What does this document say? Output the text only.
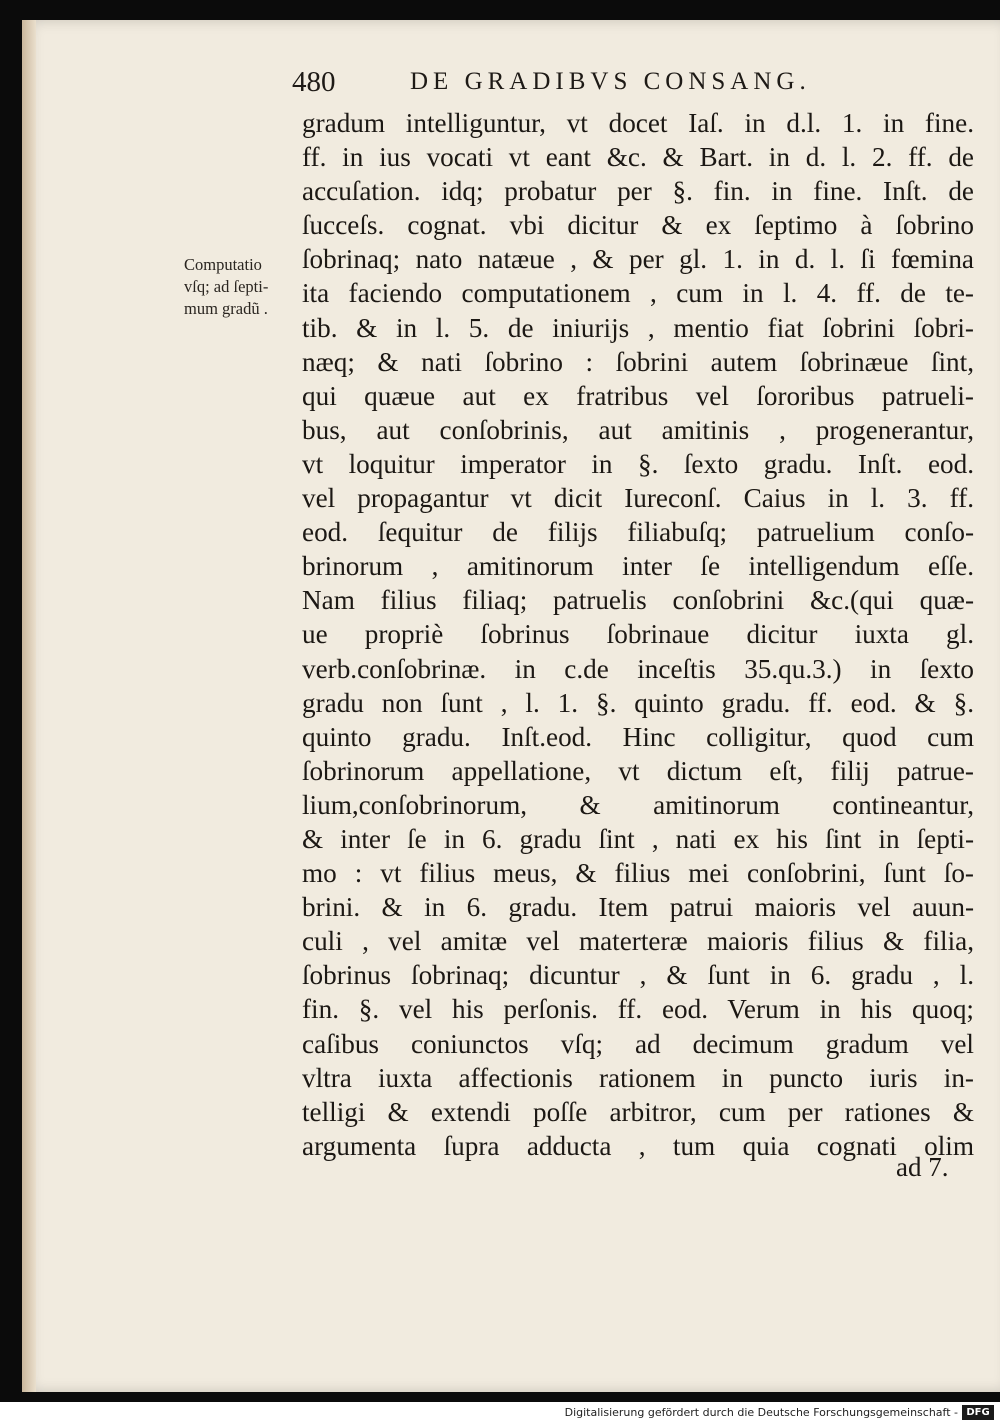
480	DE GRADIBVS CONSANG.
Computatio
vſq; ad ſepti-
mum gradũ .
gradum intelliguntur, vt docet Iaſ. in d.l. 1. in fine.
ff. in ius vocati vt eant &c. & Bart. in d. l. 2. ff. de
accuſation. idq; probatur per §. fin. in fine. Inſt. de
ſucceſs. cognat. vbi dicitur & ex ſeptimo à ſobrino
ſobrinaq; nato natæue , & per gl. 1. in d. l. ſi fœmina
ita faciendo computationem , cum in l. 4. ff. de te-
tib. & in l. 5. de iniurijs , mentio fiat ſobrini ſobri-
næq; & nati ſobrino : ſobrini autem ſobrinæue ſint,
qui quæue aut ex fratribus vel ſororibus patrueli-
bus, aut conſobrinis, aut amitinis , progenerantur,
vt loquitur imperator in §. ſexto gradu. Inſt. eod.
vel propagantur vt dicit Iureconſ. Caius in l. 3. ff.
eod. ſequitur de filijs filiabuſq; patruelium conſo-
brinorum , amitinorum inter ſe intelligendum eſſe.
Nam filius filiaq; patruelis conſobrini &c.(qui quæ-
ue propriè ſobrinus ſobrinaue dicitur iuxta gl.
verb.conſobrinæ. in c.de inceſtis 35.qu.3.) in ſexto
gradu non ſunt , l. 1. §. quinto gradu. ff. eod. & §.
quinto gradu. Inſt.eod. Hinc colligitur, quod cum
ſobrinorum appellatione, vt dictum eſt, filij patrue-
lium,conſobrinorum, & amitinorum contineantur,
& inter ſe in 6. gradu ſint , nati ex his ſint in ſepti-
mo : vt filius meus, & filius mei conſobrini, ſunt ſo-
brini. & in 6. gradu. Item patrui maioris vel auun-
culi , vel amitæ vel materteræ maioris filius & filia,
ſobrinus ſobrinaq; dicuntur , & ſunt in 6. gradu , l.
fin. §. vel his perſonis. ff. eod. Verum in his quoq;
caſibus coniunctos vſq; ad decimum gradum vel
vltra iuxta affectionis rationem in puncto iuris in-
telligi & extendi poſſe arbitror, cum per rationes &
argumenta ſupra adducta , tum quia cognati olim
ad 7.
Digitalisierung gefördert durch die Deutsche Forschungsgemeinschaft - DFG
